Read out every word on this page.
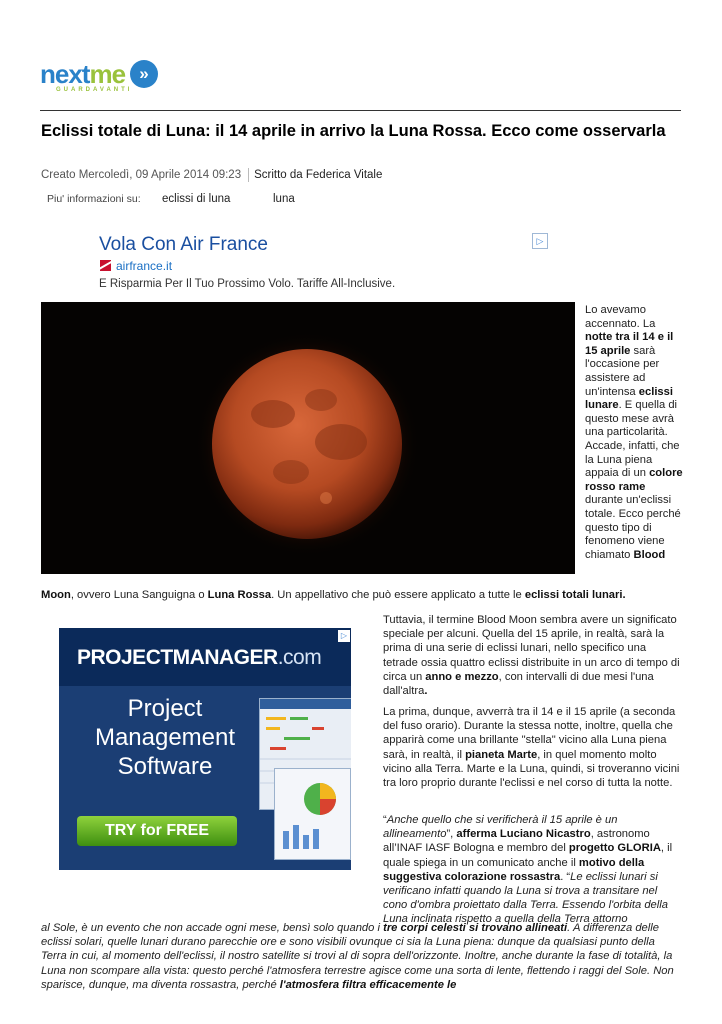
nextme »
GUARDAVANTI
Eclissi totale di Luna: il 14 aprile in arrivo la Luna Rossa. Ecco come osservarla
Creato Mercoledì, 09 Aprile 2014 09:23 Scritto da Federica Vitale
Piu' informazioni su: eclissi di luna	luna
Vola Con Air France	▷
airfrance.it
E Risparmia Per Il Tuo Prossimo Volo. Tariffe All-Inclusive.
Lo avevamo accennato. La notte tra il 14 e il 15 aprile sarà l'occasione per assistere ad un'intensa eclissi lunare. E quella di questo mese avrà una particolarità. Accade, infatti, che la Luna piena appaia di un colore rosso rame durante un'eclissi totale. Ecco perché questo tipo di fenomeno viene chiamato Blood
Moon, ovvero Luna Sanguigna o Luna Rossa. Un appellativo che può essere applicato a tutte le eclissi totali lunari.
PROJECTMANAGER.com
▷
Project Management Software
TRY for FREE

Tuttavia, il termine Blood Moon sembra avere un significato speciale per alcuni. Quella del 15 aprile, in realtà, sarà la prima di una serie di eclissi lunari, nello specifico una tetrade ossia quattro eclissi distribuite in un arco di tempo di circa un anno e mezzo, con intervalli di due mesi l'una dall'altra.

La prima, dunque, avverrà tra il 14 e il 15 aprile (a seconda del fuso orario). Durante la stessa notte, inoltre, quella che apparirà come una brillante "stella" vicino alla Luna piena sarà, in realtà, il pianeta Marte, in quel momento molto vicino alla Terra. Marte e la Luna, quindi, si troveranno vicini tra loro proprio durante l'eclissi e nel corso di tutta la notte.

“Anche quello che si verificherà il 15 aprile è un allineamento”, afferma Luciano Nicastro, astronomo all’INAF IASF Bologna e membro del progetto GLORIA, il quale spiega in un comunicato anche il motivo della suggestiva colorazione rossastra. “Le eclissi lunari si verificano infatti quando la Luna si trova a transitare nel cono d'ombra proiettato dalla Terra. Essendo l'orbita della Luna inclinata rispetto a quella della Terra attorno

al Sole, è un evento che non accade ogni mese, bensì solo quando i tre corpi celesti si trovano allineati. A differenza delle eclissi solari, quelle lunari durano parecchie ore e sono visibili ovunque ci sia la Luna piena: dunque da qualsiasi punto della Terra in cui, al momento dell'eclissi, il nostro satellite si trovi al di sopra dell'orizzonte. Inoltre, anche durante la fase di totalità, la Luna non scompare alla vista: questo perché l'atmosfera terrestre agisce come una sorta di lente, flettendo i raggi del Sole. Non sparisce, dunque, ma diventa rossastra, perché l'atmosfera filtra efficacemente le
